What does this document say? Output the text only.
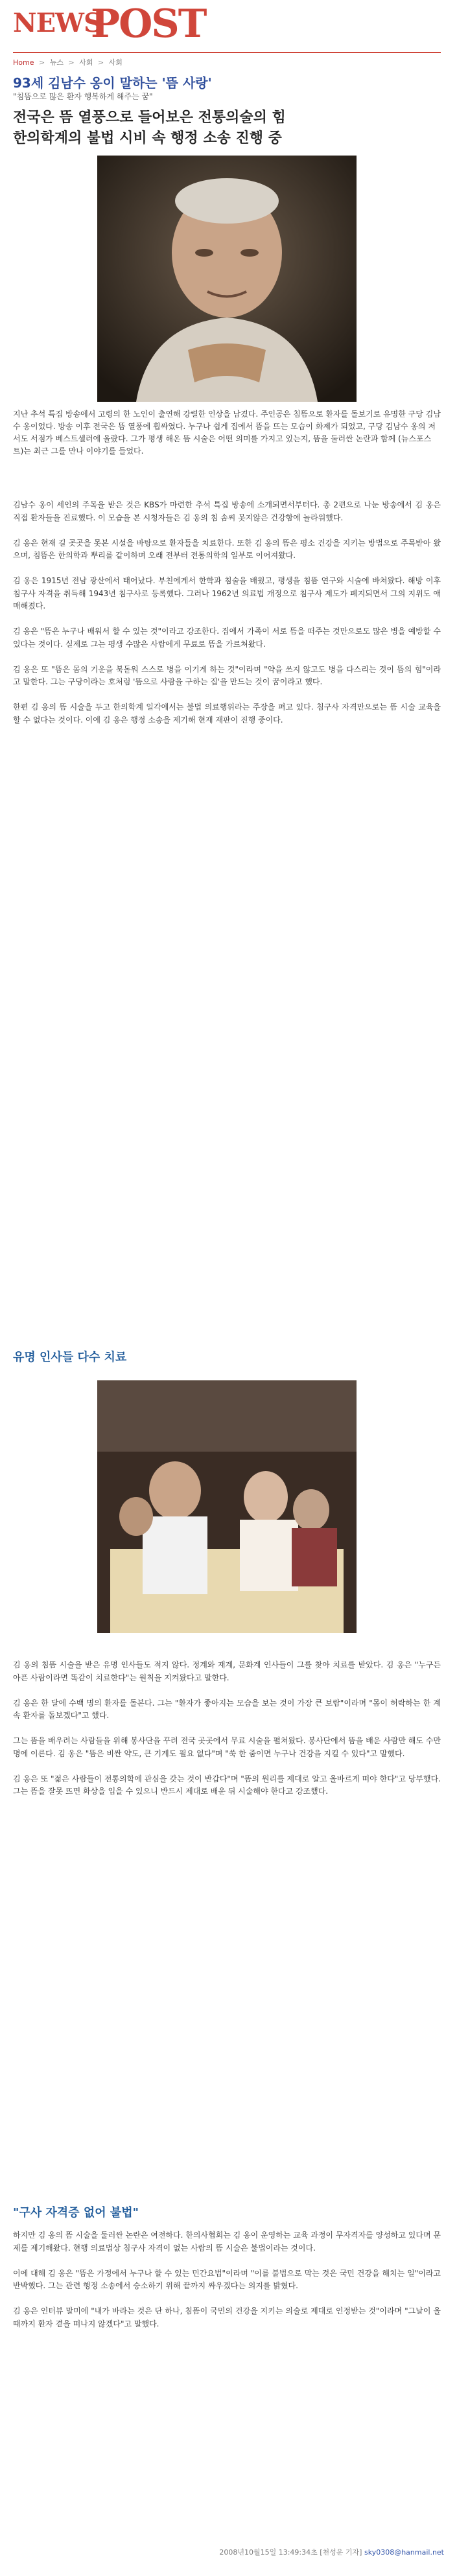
NEWS
POST
Home > 뉴스 > 사회 > 사회
93세 김남수 옹이 말하는 '뜸 사랑'
"침뜸으로 많은 환자 행복하게 해주는 꿈"
전국은 뜸 열풍으로 들어보은 전통의술의 힘
한의학계의 불법 시비 속 행정 소송 진행 중
지난 추석 특집 방송에서 고령의 한 노인이 출연해 강렬한 인상을 남겼다. 주인공은 침뜸으로 환자를 돌보기로 유명한 구당 김남수 옹이었다. 방송 이후 전국은 뜸 열풍에 휩싸였다. 누구나 쉽게 집에서 뜸을 뜨는 모습이 화제가 되었고, 구당 김남수 옹의 저서도 서점가 베스트셀러에 올랐다. 그가 평생 해온 뜸 시술은 어떤 의미를 가지고 있는지, 뜸을 둘러싼 논란과 함께 (뉴스포스트)는 최근 그를 만나 이야기를 들었다.

김남수 옹이 세인의 주목을 받은 것은 KBS가 마련한 추석 특집 방송에 소개되면서부터다. 총 2편으로 나눈 방송에서 김 옹은 직접 환자들을 진료했다. 이 모습을 본 시청자들은 김 옹의 침 솜씨 못지않은 건강함에 놀라워했다.

김 옹은 현재 길 곳곳을 못본 시설을 바탕으로 환자들을 치료한다. 또한 김 옹의 뜸은 평소 건강을 지키는 방법으로 주목받아 왔으며, 침뜸은 한의학과 뿌리를 같이하며 오래 전부터 전통의학의 일부로 이어져왔다.

김 옹은 1915년 전남 광산에서 태어났다. 부친에게서 한학과 침술을 배웠고, 평생을 침뜸 연구와 시술에 바쳐왔다. 해방 이후 침구사 자격을 취득해 1943년 침구사로 등록했다. 그러나 1962년 의료법 개정으로 침구사 제도가 폐지되면서 그의 지위도 애매해졌다.

김 옹은 "뜸은 누구나 배워서 할 수 있는 것"이라고 강조한다. 집에서 가족이 서로 뜸을 떠주는 것만으로도 많은 병을 예방할 수 있다는 것이다. 실제로 그는 평생 수많은 사람에게 무료로 뜸을 가르쳐왔다.

김 옹은 또 "뜸은 몸의 기운을 북돋워 스스로 병을 이기게 하는 것"이라며 "약을 쓰지 않고도 병을 다스리는 것이 뜸의 힘"이라고 말한다. 그는 구당이라는 호처럼 '뜸으로 사람을 구하는 집'을 만드는 것이 꿈이라고 했다.

한편 김 옹의 뜸 시술을 두고 한의학계 일각에서는 불법 의료행위라는 주장을 펴고 있다. 침구사 자격만으로는 뜸 시술 교육을 할 수 없다는 것이다. 이에 김 옹은 행정 소송을 제기해 현재 재판이 진행 중이다.

유명 인사들 다수 치료

김 옹의 침뜸 시술을 받은 유명 인사들도 적지 않다. 정계와 재계, 문화계 인사들이 그를 찾아 치료를 받았다. 김 옹은 "누구든 아픈 사람이라면 똑같이 치료한다"는 원칙을 지켜왔다고 말한다.

김 옹은 한 달에 수백 명의 환자를 돌본다. 그는 "환자가 좋아지는 모습을 보는 것이 가장 큰 보람"이라며 "몸이 허락하는 한 계속 환자를 돌보겠다"고 했다.

그는 뜸을 배우려는 사람들을 위해 봉사단을 꾸려 전국 곳곳에서 무료 시술을 펼쳐왔다. 봉사단에서 뜸을 배운 사람만 해도 수만 명에 이른다. 김 옹은 "뜸은 비싼 약도, 큰 기계도 필요 없다"며 "쑥 한 줌이면 누구나 건강을 지킬 수 있다"고 말했다.

김 옹은 또 "젊은 사람들이 전통의학에 관심을 갖는 것이 반갑다"며 "뜸의 원리를 제대로 알고 올바르게 떠야 한다"고 당부했다. 그는 뜸을 잘못 뜨면 화상을 입을 수 있으니 반드시 제대로 배운 뒤 시술해야 한다고 강조했다.

"구사 자격증 없어 불법"

하지만 김 옹의 뜸 시술을 둘러싼 논란은 여전하다. 한의사협회는 김 옹이 운영하는 교육 과정이 무자격자를 양성하고 있다며 문제를 제기해왔다. 현행 의료법상 침구사 자격이 없는 사람의 뜸 시술은 불법이라는 것이다.

이에 대해 김 옹은 "뜸은 가정에서 누구나 할 수 있는 민간요법"이라며 "이를 불법으로 막는 것은 국민 건강을 해치는 일"이라고 반박했다. 그는 관련 행정 소송에서 승소하기 위해 끝까지 싸우겠다는 의지를 밝혔다.

김 옹은 인터뷰 말미에 "내가 바라는 것은 단 하나, 침뜸이 국민의 건강을 지키는 의술로 제대로 인정받는 것"이라며 "그날이 올 때까지 환자 곁을 떠나지 않겠다"고 말했다.

2008년10월15일 13:49:34초 [천성운 기자] sky0308@hanmail.net
